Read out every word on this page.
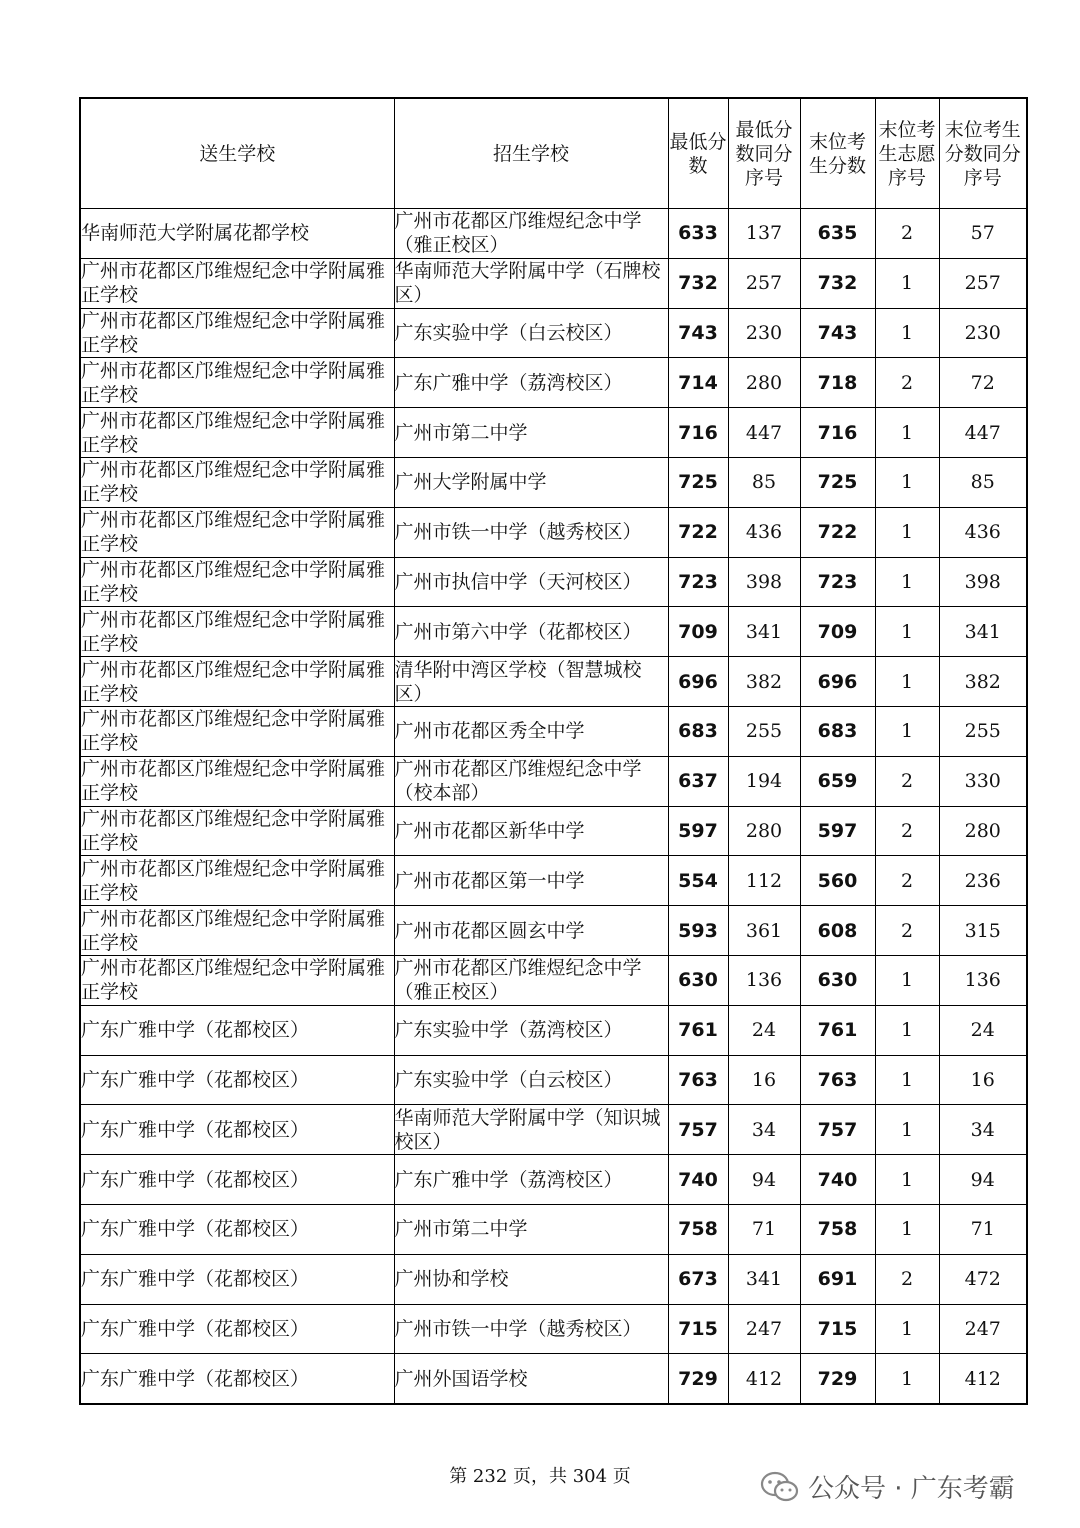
送生学校	招生学校	最低分数	最低分数同分序号	末位考生分数	末位考生志愿序号	末位考生分数同分序号
华南师范大学附属花都学校	广州市花都区邝维煜纪念中学（雅正校区）	633	137	635	2	57
广州市花都区邝维煜纪念中学附属雅正学校	华南师范大学附属中学（石牌校区）	732	257	732	1	257
广州市花都区邝维煜纪念中学附属雅正学校	广东实验中学（白云校区）	743	230	743	1	230
广州市花都区邝维煜纪念中学附属雅正学校	广东广雅中学（荔湾校区）	714	280	718	2	72
广州市花都区邝维煜纪念中学附属雅正学校	广州市第二中学	716	447	716	1	447
广州市花都区邝维煜纪念中学附属雅正学校	广州大学附属中学	725	85	725	1	85
广州市花都区邝维煜纪念中学附属雅正学校	广州市铁一中学（越秀校区）	722	436	722	1	436
广州市花都区邝维煜纪念中学附属雅正学校	广州市执信中学（天河校区）	723	398	723	1	398
广州市花都区邝维煜纪念中学附属雅正学校	广州市第六中学（花都校区）	709	341	709	1	341
广州市花都区邝维煜纪念中学附属雅正学校	清华附中湾区学校（智慧城校区）	696	382	696	1	382
广州市花都区邝维煜纪念中学附属雅正学校	广州市花都区秀全中学	683	255	683	1	255
广州市花都区邝维煜纪念中学附属雅正学校	广州市花都区邝维煜纪念中学（校本部）	637	194	659	2	330
广州市花都区邝维煜纪念中学附属雅正学校	广州市花都区新华中学	597	280	597	2	280
广州市花都区邝维煜纪念中学附属雅正学校	广州市花都区第一中学	554	112	560	2	236
广州市花都区邝维煜纪念中学附属雅正学校	广州市花都区圆玄中学	593	361	608	2	315
广州市花都区邝维煜纪念中学附属雅正学校	广州市花都区邝维煜纪念中学（雅正校区）	630	136	630	1	136
广东广雅中学（花都校区）	广东实验中学（荔湾校区）	761	24	761	1	24
广东广雅中学（花都校区）	广东实验中学（白云校区）	763	16	763	1	16
广东广雅中学（花都校区）	华南师范大学附属中学（知识城校区）	757	34	757	1	34
广东广雅中学（花都校区）	广东广雅中学（荔湾校区）	740	94	740	1	94
广东广雅中学（花都校区）	广州市第二中学	758	71	758	1	71
广东广雅中学（花都校区）	广州协和学校	673	341	691	2	472
广东广雅中学（花都校区）	广州市铁一中学（越秀校区）	715	247	715	1	247
广东广雅中学（花都校区）	广州外国语学校	729	412	729	1	412
第 232 页，共 304 页	公众号 · 广东考霸
